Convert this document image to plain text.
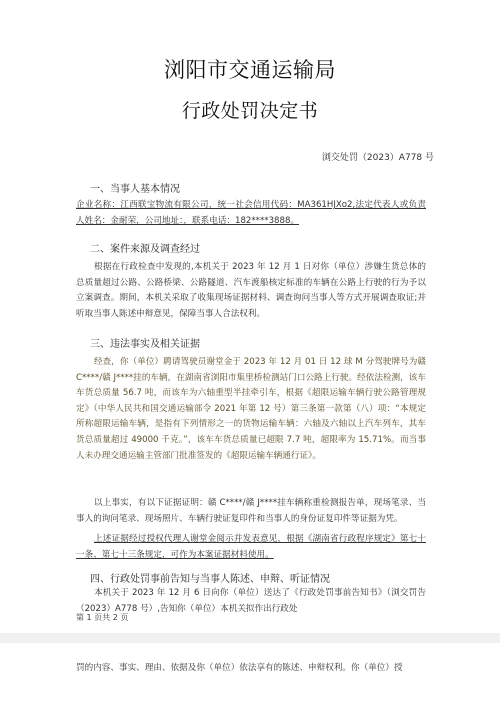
浏阳市交通运输局
行政处罚决定书
浏交处罚（2023）A778 号
一、当事人基本情况

企业名称：江西联宝物流有限公司，统一社会信用代码：MA361HJXo2,法定代表人或负责人姓名：金耐荣，公司地址：，联系电话：182****3888。

二、案件来源及调查经过

根据在行政检查中发现的,本机关于 2023 年 12 月 1 日对你（单位）涉嫌生货总体的总质量超过公路、公路桥梁、公路隧道、汽车渡船核定标准的车辆在公路上行驶的行为予以立案调查。期间，本机关采取了收集现场证据材料、调查询问当事人等方式开展调查取证;并听取当事人陈述申辩意见，保障当事人合法权利。

三、违法事实及相关证据

经查，你（单位）聘请驾驶员谢堂金于 2023 年 12 月 01 日 12 球 M 分驾驶牌号为赣 C****/赣 J****挂的车辆，在湖南省浏阳市集里桥检测站门口公路上行驶。经依法检测，该车车货总质量 56.7 吨，而该车为六轴重型半挂牵引车，根据《超限运输车辆行驶公路管理规定》（中华人民共和国交通运输部令 2021 年第 12 号）第三条第一款第（八）项：“本规定所称超限运输车辆，是指有下列情形之一的货物运输车辆：六轴及六轴以上汽车列车，其车货总质量超过 49000 千克。”，该车车货总质量已超限 7.7 吨，超限率为 15.71%。而当事人未办理交通运输主管部门批准签发的《超限运输车辆通行证》。

以上事实，有以下证据证明：赣 C****/赣 J****挂车辆称重检测报告单，现场笔录、当事人的询问笔录、现场照片、车辆行驶证复印件和当事人的身份证复印件等证据为凭。

上述证据经过授权代理人谢堂金阅示并发表意见，根据《湖南省行政程序规定》第七十一条、第七十三条规定，可作为本案证据材料使用。

四、行政处罚事前告知与当事人陈述、申辩、听证情况

本机关于 2023 年 12 月 6 日向你（单位）送达了《行政处罚事前告知书》（浏交罚告（2023）A778 号）,告知你（单位）本机关拟作出行政处

第 1 页共 2 页

罚的内容、事实、理由、依据及你（单位）依法享有的陈述、申辩权利。你（单位）授
